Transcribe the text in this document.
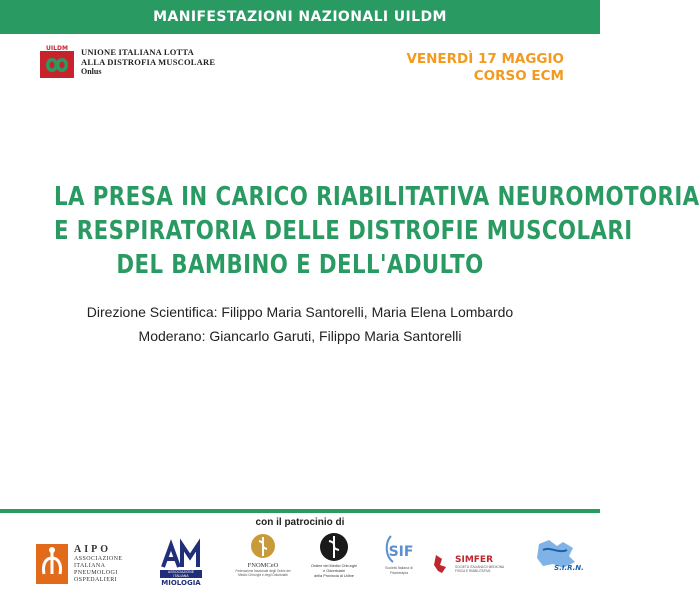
MANIFESTAZIONI NAZIONALI UILDM
UILDM UNIONE ITALIANA LOTTA
ALLA DISTROFIA MUSCOLARE
Onlus
VENERDÌ 17 MAGGIO
CORSO ECM
LA PRESA IN CARICO RIABILITATIVA NEUROMOTORIA
E RESPIRATORIA DELLE DISTROFIE MUSCOLARI
DEL BAMBINO E DELL'ADULTO
Direzione Scientifica: Filippo Maria Santorelli, Maria Elena Lombardo
Moderano: Giancarlo Garuti, Filippo Maria Santorelli
con il patrocinio di
AIPO
ASSOCIAZIONE
ITALIANA
PNEUMOLOGI
OSPEDALIERI
ASSOCIAZIONE ITALIANA
MIOLOGIA
FNOMCeO
Federazione Nazionale degli Ordini dei Medici Chirurghi e degli Odontoiatri
Ordine dei Medici Chirurghi
e Odontoiatri
della Provincia di Udine
SIF
Società Italiana di Fisioterapia
SIMFER
SOCIETÀ ITALIANA DI MEDICINA FISICA E RIABILITATIVA	S.I.R.N.
